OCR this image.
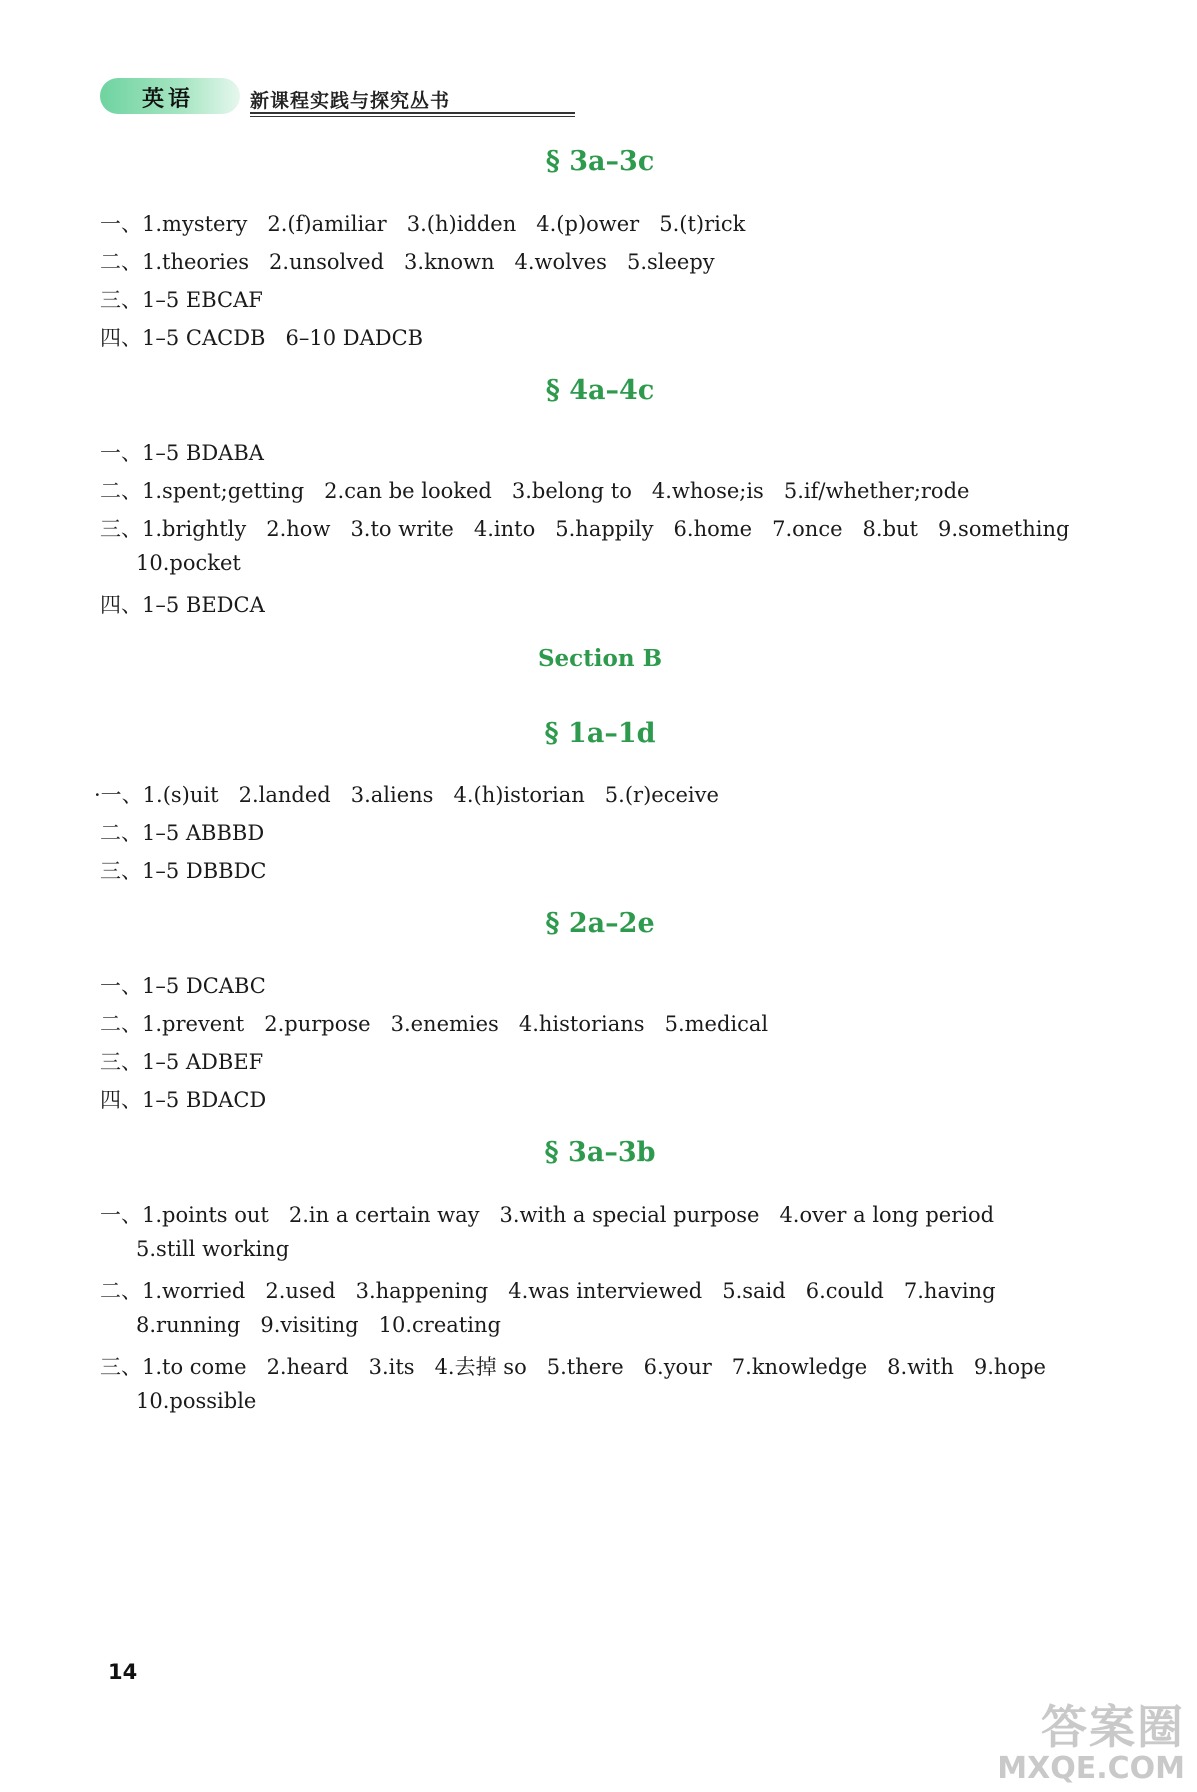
英语	新课程实践与探究丛书
§ 3a–3c
一、1.mystery   2.(f)amiliar   3.(h)idden   4.(p)ower   5.(t)rick
二、1.theories   2.unsolved   3.known   4.wolves   5.sleepy
三、1–5 EBCAF
四、1–5 CACDB   6–10 DADCB
§ 4a–4c
一、1–5 BDABA
二、1.spent;getting   2.can be looked   3.belong to   4.whose;is   5.if/whether;rode
三、1.brightly   2.how   3.to write   4.into   5.happily   6.home   7.once   8.but   9.something
10.pocket
四、1–5 BEDCA
Section B
§ 1a–1d
·一、1.(s)uit   2.landed   3.aliens   4.(h)istorian   5.(r)eceive
二、1–5 ABBBD
三、1–5 DBBDC
§ 2a–2e
一、1–5 DCABC
二、1.prevent   2.purpose   3.enemies   4.historians   5.medical
三、1–5 ADBEF
四、1–5 BDACD
§ 3a–3b
一、1.points out   2.in a certain way   3.with a special purpose   4.over a long period
5.still working
二、1.worried   2.used   3.happening   4.was interviewed   5.said   6.could   7.having
8.running   9.visiting   10.creating
三、1.to come   2.heard   3.its   4.去掉 so   5.there   6.your   7.knowledge   8.with   9.hope
10.possible
14
答案圈
MXQE.COM
